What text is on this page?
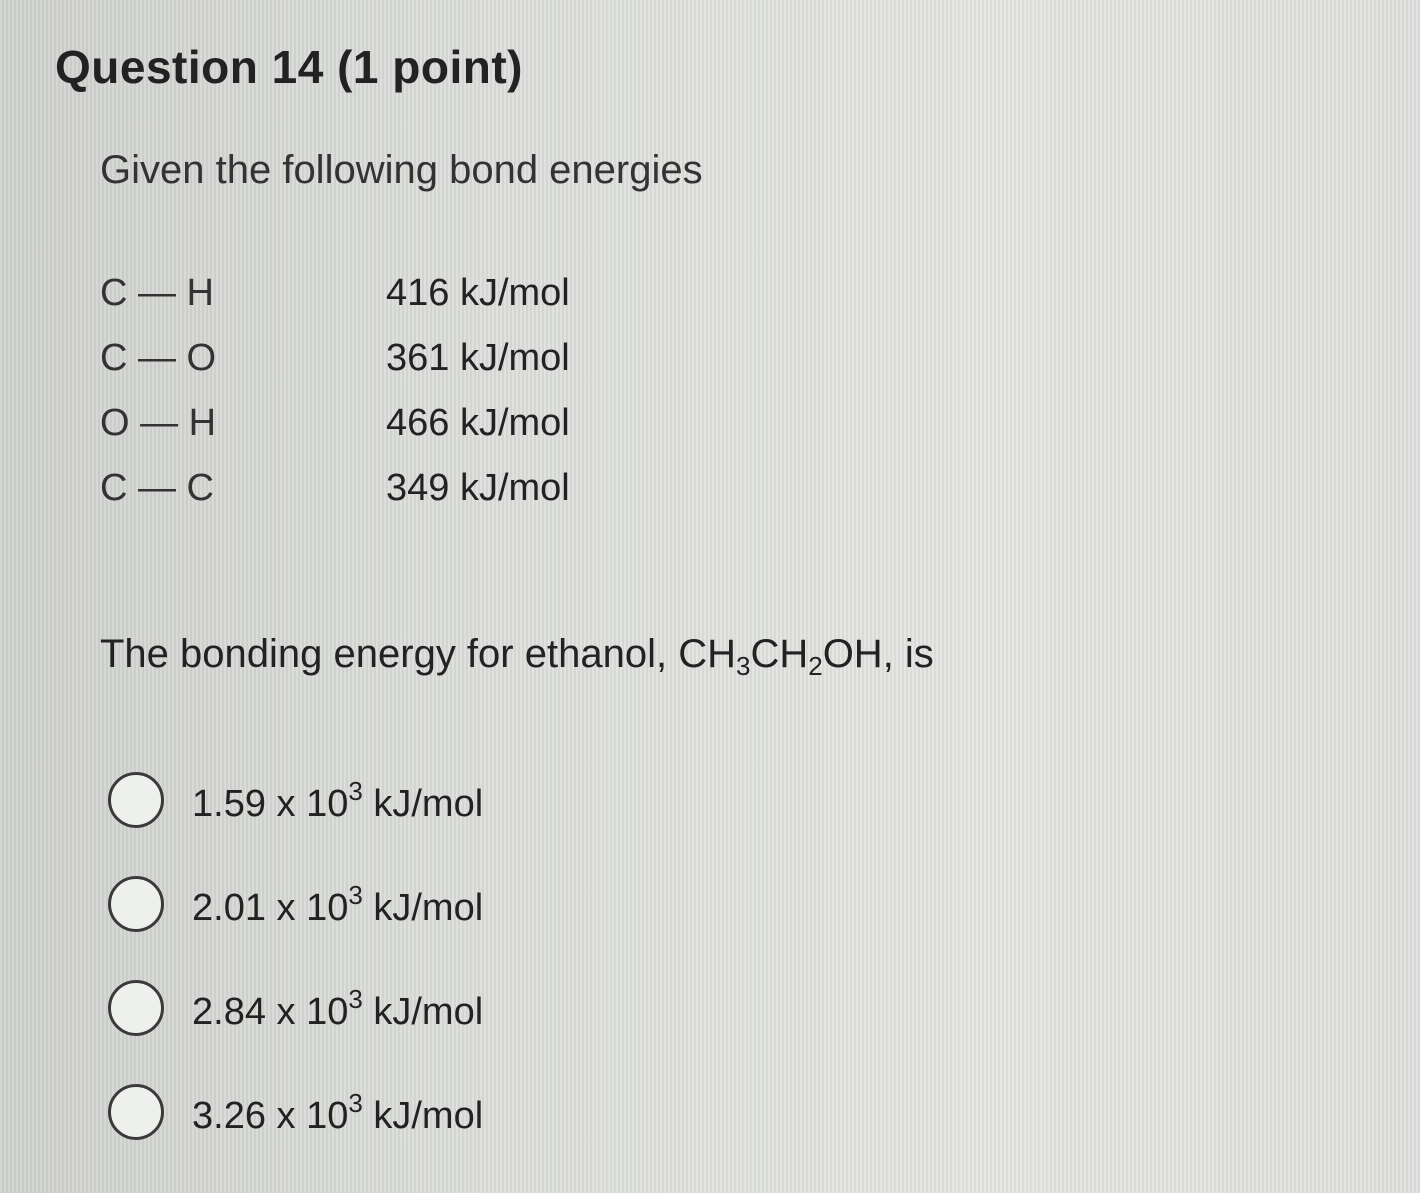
Question 14 (1 point)
Given the following bond energies
C — H	416 kJ/mol
C — O	361 kJ/mol
O — H	466 kJ/mol
C — C	349 kJ/mol
The bonding energy for ethanol, $CH_3CH_2OH$, is
1.59 x $10^3$ kJ/mol
2.01 x $10^3$ kJ/mol
2.84 x $10^3$ kJ/mol
3.26 x $10^3$ kJ/mol
